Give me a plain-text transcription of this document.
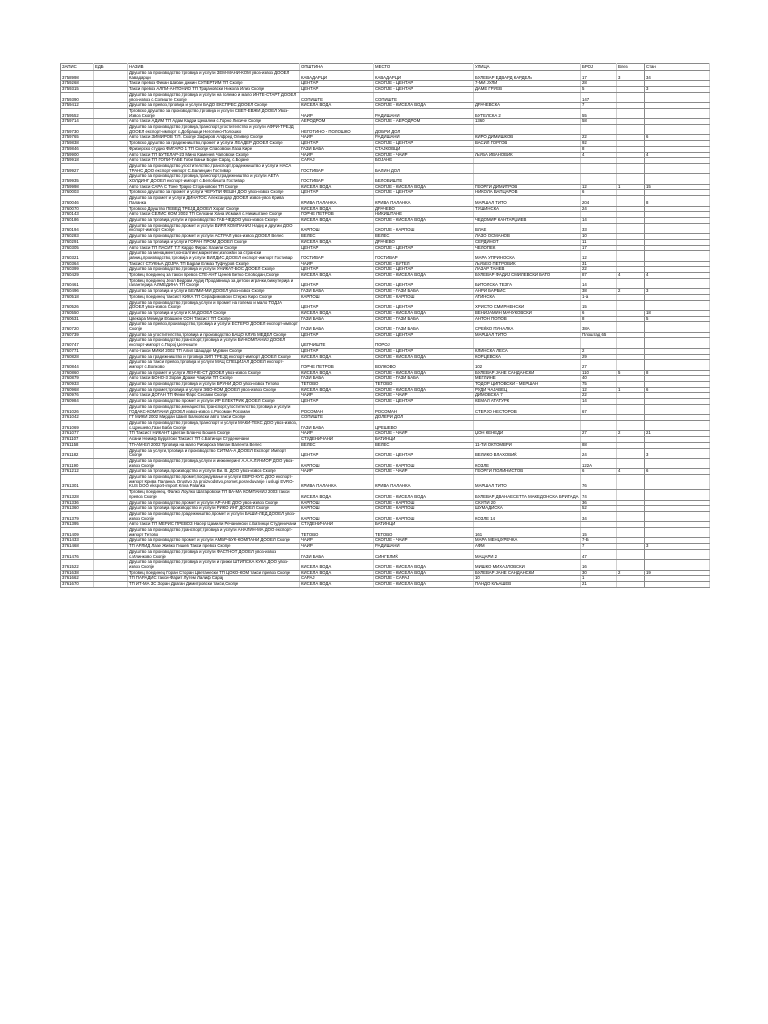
ЗАПИС	ЕДБ	НАЗИВ	ОПШТИНА	МЕСТО	УЛИЦА	БРОЈ	Влез	Стан
3758998		Друштво за производство трговија и услуги ЗЕМ-МАНИ-КОМ увоз-извоз ДООЕЛ Кавадарци	КАВАДАРЦИ	КАВАДАРЦИ	БУЛЕВАР ЕДВАРД КАРДЕЉ	17	3	34
3759268		Такси превоз Фикан Шабан джкин СУПЕРТИМ ТП Скопје	ЦЕНТАР	СКОПЈЕ - ЦЕНТАР	7-МИ ЈУЛИ	28		
3759315		Такси превоз АЛПИ-АНТОНИО ТП Трајановски Никола Илиз Скопје	ЦЕНТАР	СКОПЈЕ - ЦЕНТАР	ДАМЕ ГРУЕВ	5		3
3759390		Друштво за производство,трговија и услуги на големо и мало ИНТЕ-СТАРТ ДООЕЛ увоз-извоз с.Сопиште Скопје	СОПИШТЕ	СОПИШТЕ		147		
3759412		Друштво за превоз,трговија и услуги БАДО ЕКСПРЕС ДООЕЛ Скопје	КИСЕЛА ВОДА	СКОПЈЕ - КИСЕЛА ВОДА	ДРАЧЕВСКА	7		
3759552		Трговско друштво за производство,трговија и услуги СВЕТ-ЕВЖИ ДООЕЛ Увоз-Извоз Скопје	ЧАИР	РАДИШАНИ	БУТЕЛСКА 2	55		
3759714		Авто такси АДИМ ТП Адам Кадри Цекалем с.Горно Лисиче Скопје	АЕРОДРОМ	СКОПЈЕ - АЕРОДРОМ	1360	58		
3759730		Друштво за производство,трговија,транспорт,угостителство и услуги АФРИ-ТРЕЈД ДООЕЛ експорт-импорт с.Добрашци Неготино-Полошко	НЕГОТИНО - ПОЛОШКО	ДОБРИ ДОЛ				
3759765		Авто такси ЗИМИРОВ Т.П. Скопје Зафиров Алфред Оливер Скопје	ЧАИР	РАДИШАНИ	КИРО ДИМИШКОВ	22		6
3759838		Трговско друштво за градежништво,промет и услуги ЛЕАДЕР ДООЕЛ Скопје	ЦЕНТАР	СКОПЈЕ - ЦЕНТАР	ВАСИЛ ГОРГОВ	92		
3759846		Фризерско студио ФИГАРО 1 ТП Скопје Спасовски Лаза Кире	ГАЗИ БАБА	СТАЈКОВЦИ		8		
3759900		Авто такси ТП БУТЕЛАР-23 Мино Каменев Чаповски Скопје	ЧАИР	СКОПЈЕ - ЧАИР	ЉУБА ИВАНОВИЌ	4		4
3759918		Авто такси ТП ГОПИ-ТАБЕ Гоби Бањи Бојан Сарај, с.Бојане	САРАЈ	БОЈАНЕ				
3759927		Друштво за производство,угостителство,транспорт,градежништво и услуги НАСА ТРАНС ДОО експорт-импорт С.Балинџин Гостивар	ГОСТИВАР	БАЛИН ДОЛ				
3759935		Друштво за производство,трговија,транспорт,градежништво и услуги АЕТА ХОЛДИНГ ДООЕЛ експорт-импорт с.Белобишта Гостивар	ГОСТИВАР	БЕЛОВИШТЕ				
3759998		Авто такси САРА С Тоне Трајко Стојановски ТП Скопје	КИСЕЛА ВОДА	СКОПЈЕ - КИСЕЛА ВОДА	ГЕОРГИ ДИМИТРОВ	12	1	15
3760003		Трговско друштво за промет и услуги ЧЕРУПИ ФЕШН ДОО увоз-извоз Скопје	ЦЕНТАР	СКОПЈЕ - ЦЕНТАР	НИКОЛА ВАПЦАРОВ	6		
3760046		Друштво за промет и услуги ДИНАТОС Александар ДООЕЛ извоз-увоз Крива Паланка	КРИВА ПАЛАНКА	КРИВА ПАЛАНКА	МАРШАЛ ТИТО	204		8
3760070		Трговско Друштво ПЕВЕД ТРЕЈД ДООЕЛ Хорат Скопје	КИСЕЛА ВОДА	ДРАЧЕВО	ТУШИНСКА	24		
3760143		Авто такси СЕЛИС КОМ 2002 ТП Селхани Хана Исмаил с.Никиштане Скопје	ГОРЧЕ ПЕТРОВ	НИКИШТАНЕ				
3760186		Друштво за трговија,услуги и производство ГАБ-ЧЕДОО увоз-извоз Скопје	КИСЕЛА ВОДА	СКОПЈЕ - КИСЕЛА ВОДА	ЧЕДОМИР КАНТАРЏИЕВ	14		
3760194		Друштво за производство,промет и услуги ВИРЛ КОМПАНИЈ Надиј и другии ДОО експорт-импорт Скопје	КАРПОШ	СКОПЈЕ - КАРПОШ	ВЛАЕ	33		
3760283		Друштво за производство,промет и услуги АСТРАЛ увоз-извоз ДООЕЛ Велес	ВЕЛЕС	ВЕЛЕС	ЛАЗО ОСМАНОВ	10		
3760291		Друштво за трговија и услуги ГОРАН ПРОМ ДООЕЛ Скопје	КИСЕЛА ВОДА	ДРАЧЕВО	СЕРДИНОТ	11		
3760305		Авто такси ТП ПАСИТ Т.Т Кардо Фирас Хазили Скопје	ЦЕНТАР	СКОПЈЕ - ЦЕНТАР	ЧЕЛОПЕК	17		
3760321		Друштво за менаџмент,консалтинг,маркетинг,изложби за странски јавниц,производство,трговија и услуги ВИЛДИС ДООЕЛ експорт-импорт Гостивар	ГОСТИВАР	ГОСТИВАР	МАРА УПРИНОСКА	12		
3760364		Таксист СТУКЊА ДОЈРА ТП Бајраи Елмаз Туфчуров Скопје	ЧАИР	СКОПЈЕ - БУТЕЛ	ЉУБЕО ПЕТРОВИЌ	31		
3760399		Друштво за производство,трговија и услуги УНИКАТ-БОС ДООЕЛ Скопје	ЦЕНТАР	СКОПЈЕ - ЦЕНТАР	ЛАЗАР ТАНЕВ	22		
3760429		Трговец поединец за такси превоз СТЕ-АНТ Ценев Бетко Слободан,Скопје	КИСЕЛА ВОДА	СКОПЈЕ - КИСЕЛА ВОДА	БУЛЕВАР ФАДИЈ СМИЛЕВСКИ БАТО	87	4	4
3760461		Трговец поединец Јеол Бедрам Аудиј Продавница за детски играчки,бижутерија и галантерија АЛМЕДИНА ТП Скопје	ЦЕНТАР	СКОПЈЕ - ЦЕНТАР	БИТОЛСКА ТЕЗГА	14		
3760496		Друштво за трговија и услуги БЕЛМИ-МИ ДООЕЛ увоз-извоз Скопје	ГАЗИ БАБА	СКОПЈЕ - ГАЗИ БАБА	АНРИ БАРБИС	38	2	3
3760518		Трговец поединец таксист КИКА ТП Серафимовски Стерко Киро Скопје	КАРПОШ	СКОПЈЕ - КАРПОШ	АТИНСКА	1-а		
3760526		Друштво за производство,трговија,услуги и промет на големо и мало ТОДЈА ДООЕЛ увоз-извоз Скопје	ЦЕНТАР	СКОПЈЕ - ЦЕНТАР	ХРИСТО СМИРНЕНСКИ	15		
3760550		Друштво за трговија и услуги К.М.ДООЕЛ Скопје	КИСЕЛА ВОДА	СКОПЈЕ - КИСЕЛА ВОДА	ВЕНИЈАМИН МАЧУКОВСКИ	6		18
3760631		Цвеќара Мемеди Ебашкен СОН Таксист ТП Скопје	ГАЗИ БАБА	СКОПЈЕ - ГАЗИ БАБА	АНТОН ПОПОВ	8		5
3760720		Друштво за превоз,производство,трговија и услуги ЕСТЕРО ДООЕЛ експорт-импорт Скопје	ГАЗИ БАБА	СКОПЈЕ - ГАЗИ БАБА	СРЕЌКО ПУНАЛКА	38А		
3760739		Друштво за угостителство,трговија и производство БАЦО КЛУБ МЕДЕЛ Скопје	ЦЕНТАР	СКОПЈЕ - ЦЕНТАР	МАРШАЛ ТИТО	Плоштад 65		
3760747		Друштво за производство,транспорт,трговија и услуги БИ-КОМПАНИЈ ДООЕЛ експорт-импорт с.Порој Џепчиште	ЏЕПЧИШТЕ	ПОРОЈ				
3760771		Авто-такси МИКИ 2002 ТП Алил Шащаде Мурвин Скопје	ЦЕНТАР	СКОПЈЕ - ЦЕНТАР	КЛИНСКА ЛЕСА	2		
3760828		Друштво за градежништво и трговија ЗИП ТРЕЈД експорт-импорт ДООЕЛ Скопје	КИСЕЛА ВОДА	СКОПЈЕ - КИСЕЛА ВОДА	КОРЦЕВСКА	29		
3760844		Друштво за такси превоз,трговија и услуги МАЦ СПЕЦИЈАЛ ДООЕЛ експорт-импорт с.Волково	ГОРЧЕ ПЕТРОВ	ВОЛКОВО	102	27		
3760860		Друштво за промет и услуги ЛЕНЧЕ-СТ ДООЕЛ увоз-извоз Скопје	КИСЕЛА ВОДА	СКОПЈЕ - КИСЕЛА ВОДА	БУЛЕВАР ЈАНЕ САНДАНСКИ	110	5	8
3760879		Авто такси БОНО-3 Зоран Драже Чаирли ТП Скопје	ГАЗИ БАБА	СКОПЈЕ - ГАЗИ БАБА	МЕЃЛИНЕ	40		
3760933		Друштво за производство,трговија и услуги БРУНИ ДОО увоз-извоз Тетово	ТЕТОВО	ТЕТОВО	ТОДОР ЦИПОВСКИ - МЕРШАН	75		
3760968		Друштво за промет,трговија и услуги ЭВО-КОМ ДООЕЛ увоз-извоз Скопје	КИСЕЛА ВОДА	СКОПЈЕ - КИСЕЛА ВОДА	РУДИ ЧАЈАВЕЦ	12	1	6
3760976		Авто такси ДОГАН ТП Феми Фарс Сесами Скопје	ЧАИР	СКОПЈЕ - ЧАИР	ДИМОВСКА 7	22		
3760984		Друштво за производство промет и услуги ИР ЕЛЕКТРИК ДООЕЛ Скопје	ЦЕНТАР	СКОПЈЕ - ЦЕНТАР	КЕМАЛ АТАТУРК	14		
3761026		Друштво за производство,менаџиство,транспорт,угостителство,трговија и услуги ГОДАКС-КОМПАНИ ДООЕЛ извоз-извоз с.Росоман Росоман	РОСОМАН	РОСОМАН	СТЕРЈО НЕСТОРОВ	67		
3761042		ГТ МИКИ 2002 Мирдан Шаип Балковски авто такси Скопје	СОПИШТЕ	ДОЛЕРИ ДОЛ				
3761069		Друштво за производство,трговија,транспорт и услуги МАКИ-ТЕКС ДОО увоз-извоз, с.Црешево,Гази Баба Скопје	ГАЗИ БАБА	ЦРЕШЕВО				
3761077		ТП Таксист НИКАНТ Цветан Бланчо Бошев Скопје	ЧАИР	СКОПЈЕ - ЧАИР	ЏОН КЕНЕДИ	27	2	21
3761107		Асани Неимф Бурјатски Таксист ТП с.Батинци Студеничани	СТУДЕНИЧАНИ	БАТИНЦИ				
3761158		ТП-АМ-ЕЛ 2002 Трговија на мало Рибарска Милан Валента Велес	ВЕЛЕС	ВЕЛЕС	11-ТИ ОКТОМВРИ	88		
3761182		Друштво за услуги,трговија и производство СИТМА-А ДООЕЛ Експорт Импорт Скопје	ЦЕНТАР	СКОПЈЕ - ЦЕНТАР	ВЕЛИКО ВЛАХОВИЌ	24		3
3761190		Друштво за производство,трговија,услуги и инжинеринг А.А.А.ЛУНИОР ДОО увоз-извоз Скопје	КАРПОШ	СКОПЈЕ - КАРПОШ	КОЗЛЕ	122А		
3761212		Друштво за трговија,производство и услуги Ви. В. ДОО увоз-извоз Скопје	ЧАИР	СКОПЈЕ - ЧАИР	ГЕОРГИ ПОЛИНИСТОВ	6	4	6
3761301		Друштво за производство,промет,посредување и услуги ЕВРО-КУС ДОО експорт-импорт Крива Паланка. Drustvo za proizvodstvo,promet,posreduvanje i uslugi EVRO-KUS DOO eksport-import Kriva Palanka	КРИВА ПАЛАНКА	КРИВА ПАЛАНКА	МАРШАЛ ТИТО	76		
3761328		Трговец поединец, Фалко Лоулко Шатаровски ТП ВА-МА КОМПАНИЈ 2003 такси превоз Скопје	КИСЕЛА ВОДА	СКОПЈЕ - КИСЕЛА ВОДА	БУЛЕВАР ДВАНАЕСЕТТА МАКЕДОНСКА БРИГАДА	74		
3761336		Друштво за производство,промет и услуги АР-АНЕ ДОО увоз-извоз Скопје	КАРПОШ	СКОПЈЕ - КАРПОШ	СКУПИ 20	36		
3761360		Друштво за трговија производство и услуги РИКО ИНГ ДООЕЛ Скопје	КАРПОШ	СКОПЈЕ - КАРПОШ	ШУМАДИСКА	52		
3761379		Друштво за производство,градежништво,промет и услуги БАШИ-ЛЕД ДООЕЛ увоз-извоз Скопје	КАРПОШ	СКОПЈЕ - КАРПОШ	КОЗЛЕ 14	34		
3761395		Авто такси ТП МЕРИС ПРЕВОЗ Насер Цамили Речанински с.Батинци Студеничани	СТУДЕНИЧАНИ	БАТИНЦИ				
3761409		Друштво за производство,транспорт,трговија и услуги АНАЛИН-МА ДОО експорт-импорт Тетово	ТЕТОВО	ТЕТОВО	161	15		
3761433		Друштво за производство промет и услуги АМБР-БУК-КОМПАНИ ДООЕЛ Скопје	ЧАИР	СКОПЈЕ - ЧАИР	МАРА МЕНЏУРЕЧКА	7-Б		
3761468		ТП АРЛИД Лазе Живко Гишев Такси превоз Скопје	ЧАИР	РАДИШАНИ	АФМ	7		3
3761476		Друштво за производство,трговија и услуги ФАСТНОТ ДООЕЛ увоз-извоз с.Илинково Скопје	ГАЗИ БАБА	СИНГЕЛИЌ	МАЦАРИ 2	47		
3761522		Друштво за производство,трговија и услуги и грижи ШТИПСКА КУЌА ДОО увоз-извоз Скопје	КИСЕЛА ВОДА	СКОПЈЕ - КИСЕЛА ВОДА	МИШКО МИХАЈЛОВСКИ	16		
3761638		Трговец поединец Горан Сторан Цветанески ТП ЦОКО-КОМ такси превоз Скопје	КИСЕЛА ВОДА	СКОПЈЕ - КИСЕЛА ВОДА	БУЛЕВАР ЈАНЕ САНДАНСКИ	30	2	19
3761662		ТП ПАРАДИС такси-Фарит Лутем Лалиф Сарај	САРАЈ	СКОПЈЕ - САРАЈ	10	1		
3761670		ТП ИТ-МА ЗС Зоран Драган Димитровски такси,Скопје	КИСЕЛА ВОДА	СКОПЈЕ - КИСЕЛА ВОДА	ПАНДО КЉАШЕВ	21		
